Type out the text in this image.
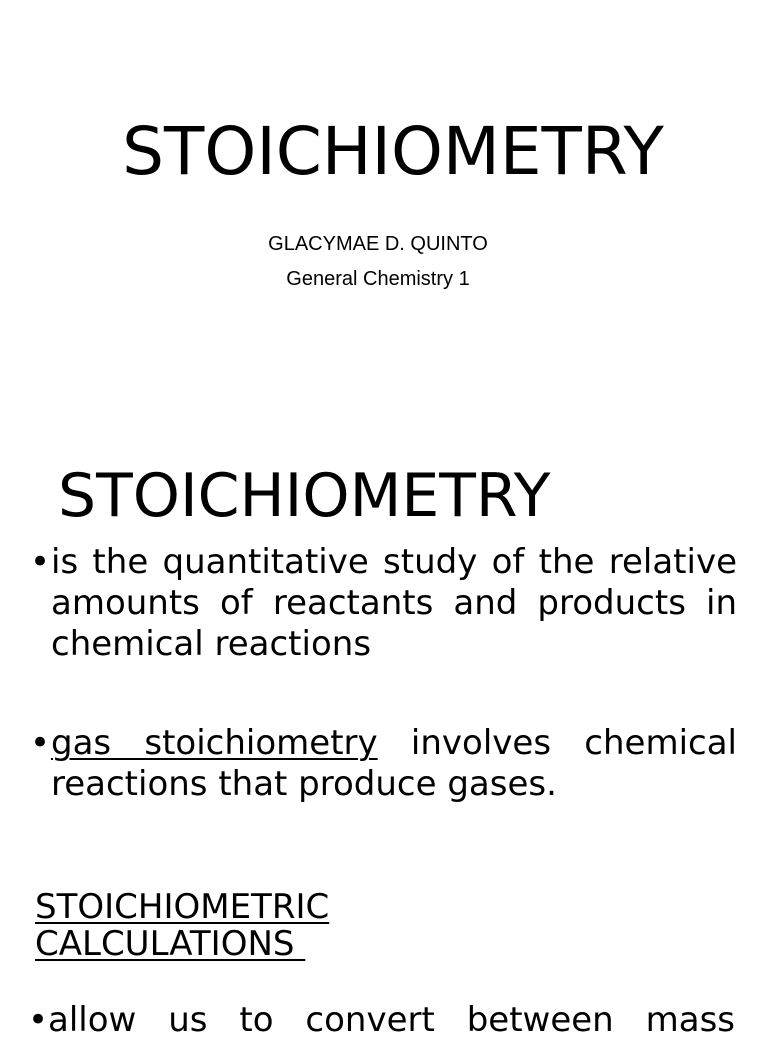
STOICHIOMETRY
GLACYMAE D. QUINTO
General Chemistry 1
STOICHIOMETRY
• is the quantitative study of the relative amounts of reactants and products in chemical reactions
• gas stoichiometry involves chemical reactions that produce gases.
STOICHIOMETRIC
CALCULATIONS
• allow us to convert between mass
